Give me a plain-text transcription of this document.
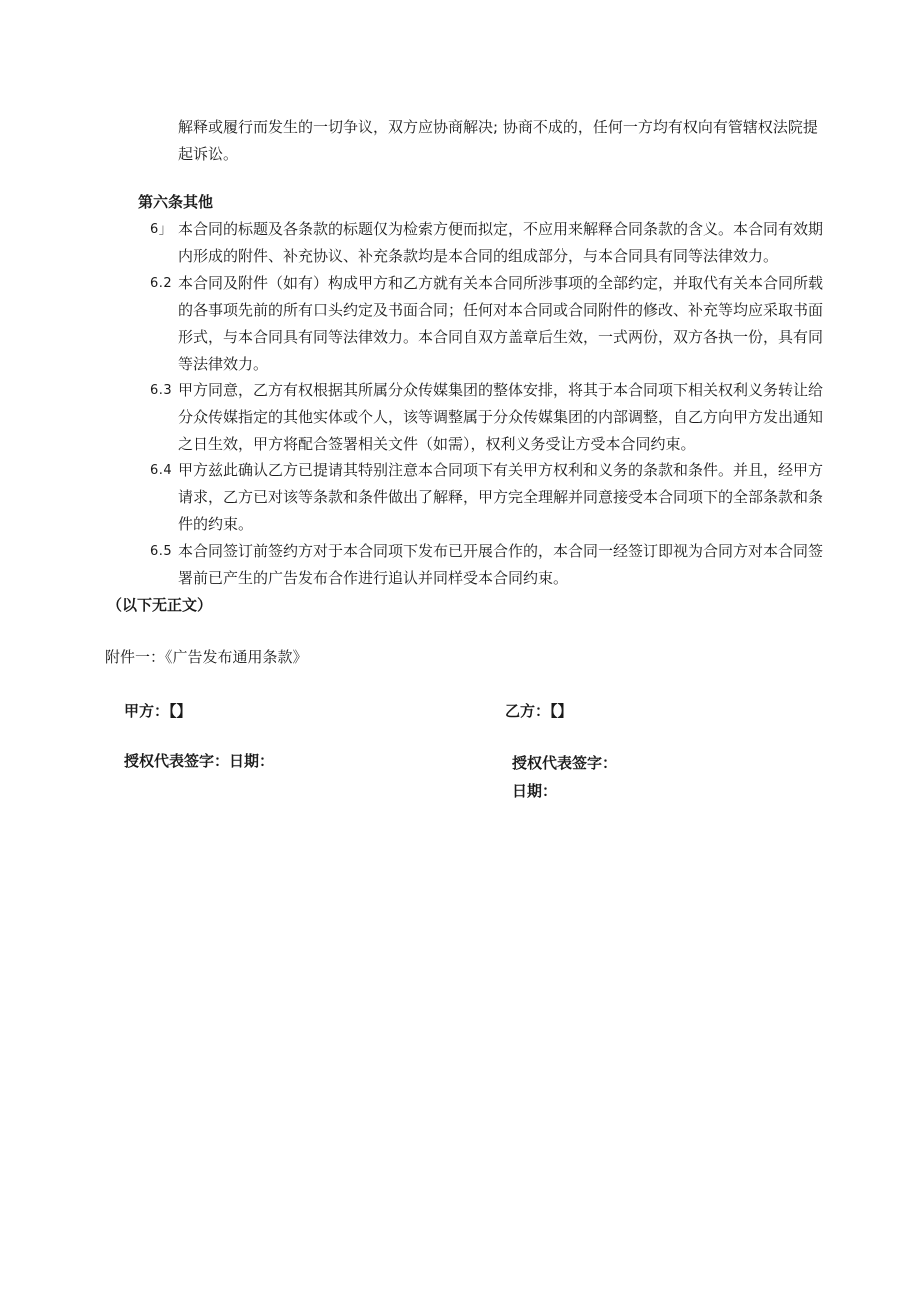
解释或履行而发生的一切争议，双方应协商解决; 协商不成的，任何一方均有权向有管辖权法院提起诉讼。
第六条其他
6」 本合同的标题及各条款的标题仅为检索方便而拟定，不应用来解释合同条款的含义。本合同有效期内形成的附件、补充协议、补充条款均是本合同的组成部分，与本合同具有同等法律效力。
6.2 本合同及附件（如有）构成甲方和乙方就有关本合同所涉事项的全部约定，并取代有关本合同所载的各事项先前的所有口头约定及书面合同；任何对本合同或合同附件的修改、补充等均应采取书面形式，与本合同具有同等法律效力。本合同自双方盖章后生效，一式两份，双方各执一份，具有同等法律效力。
6.3 甲方同意，乙方有权根据其所属分众传媒集团的整体安排，将其于本合同项下相关权利义务转让给分众传媒指定的其他实体或个人，该等调整属于分众传媒集团的内部调整，自乙方向甲方发出通知之日生效，甲方将配合签署相关文件（如需），权利义务受让方受本合同约束。
6.4 甲方兹此确认乙方已提请其特别注意本合同项下有关甲方权利和义务的条款和条件。并且，经甲方请求，乙方已对该等条款和条件做出了解释，甲方完全理解并同意接受本合同项下的全部条款和条件的约束。
6.5 本合同签订前签约方对于本合同项下发布已开展合作的，本合同一经签订即视为合同方对本合同签署前已产生的广告发布合作进行追认并同样受本合同约束。
（以下无正文）
附件一：《广告发布通用条款》
甲方：【】	乙方：【】
授权代表签字：日期：	授权代表签字：
日期：
